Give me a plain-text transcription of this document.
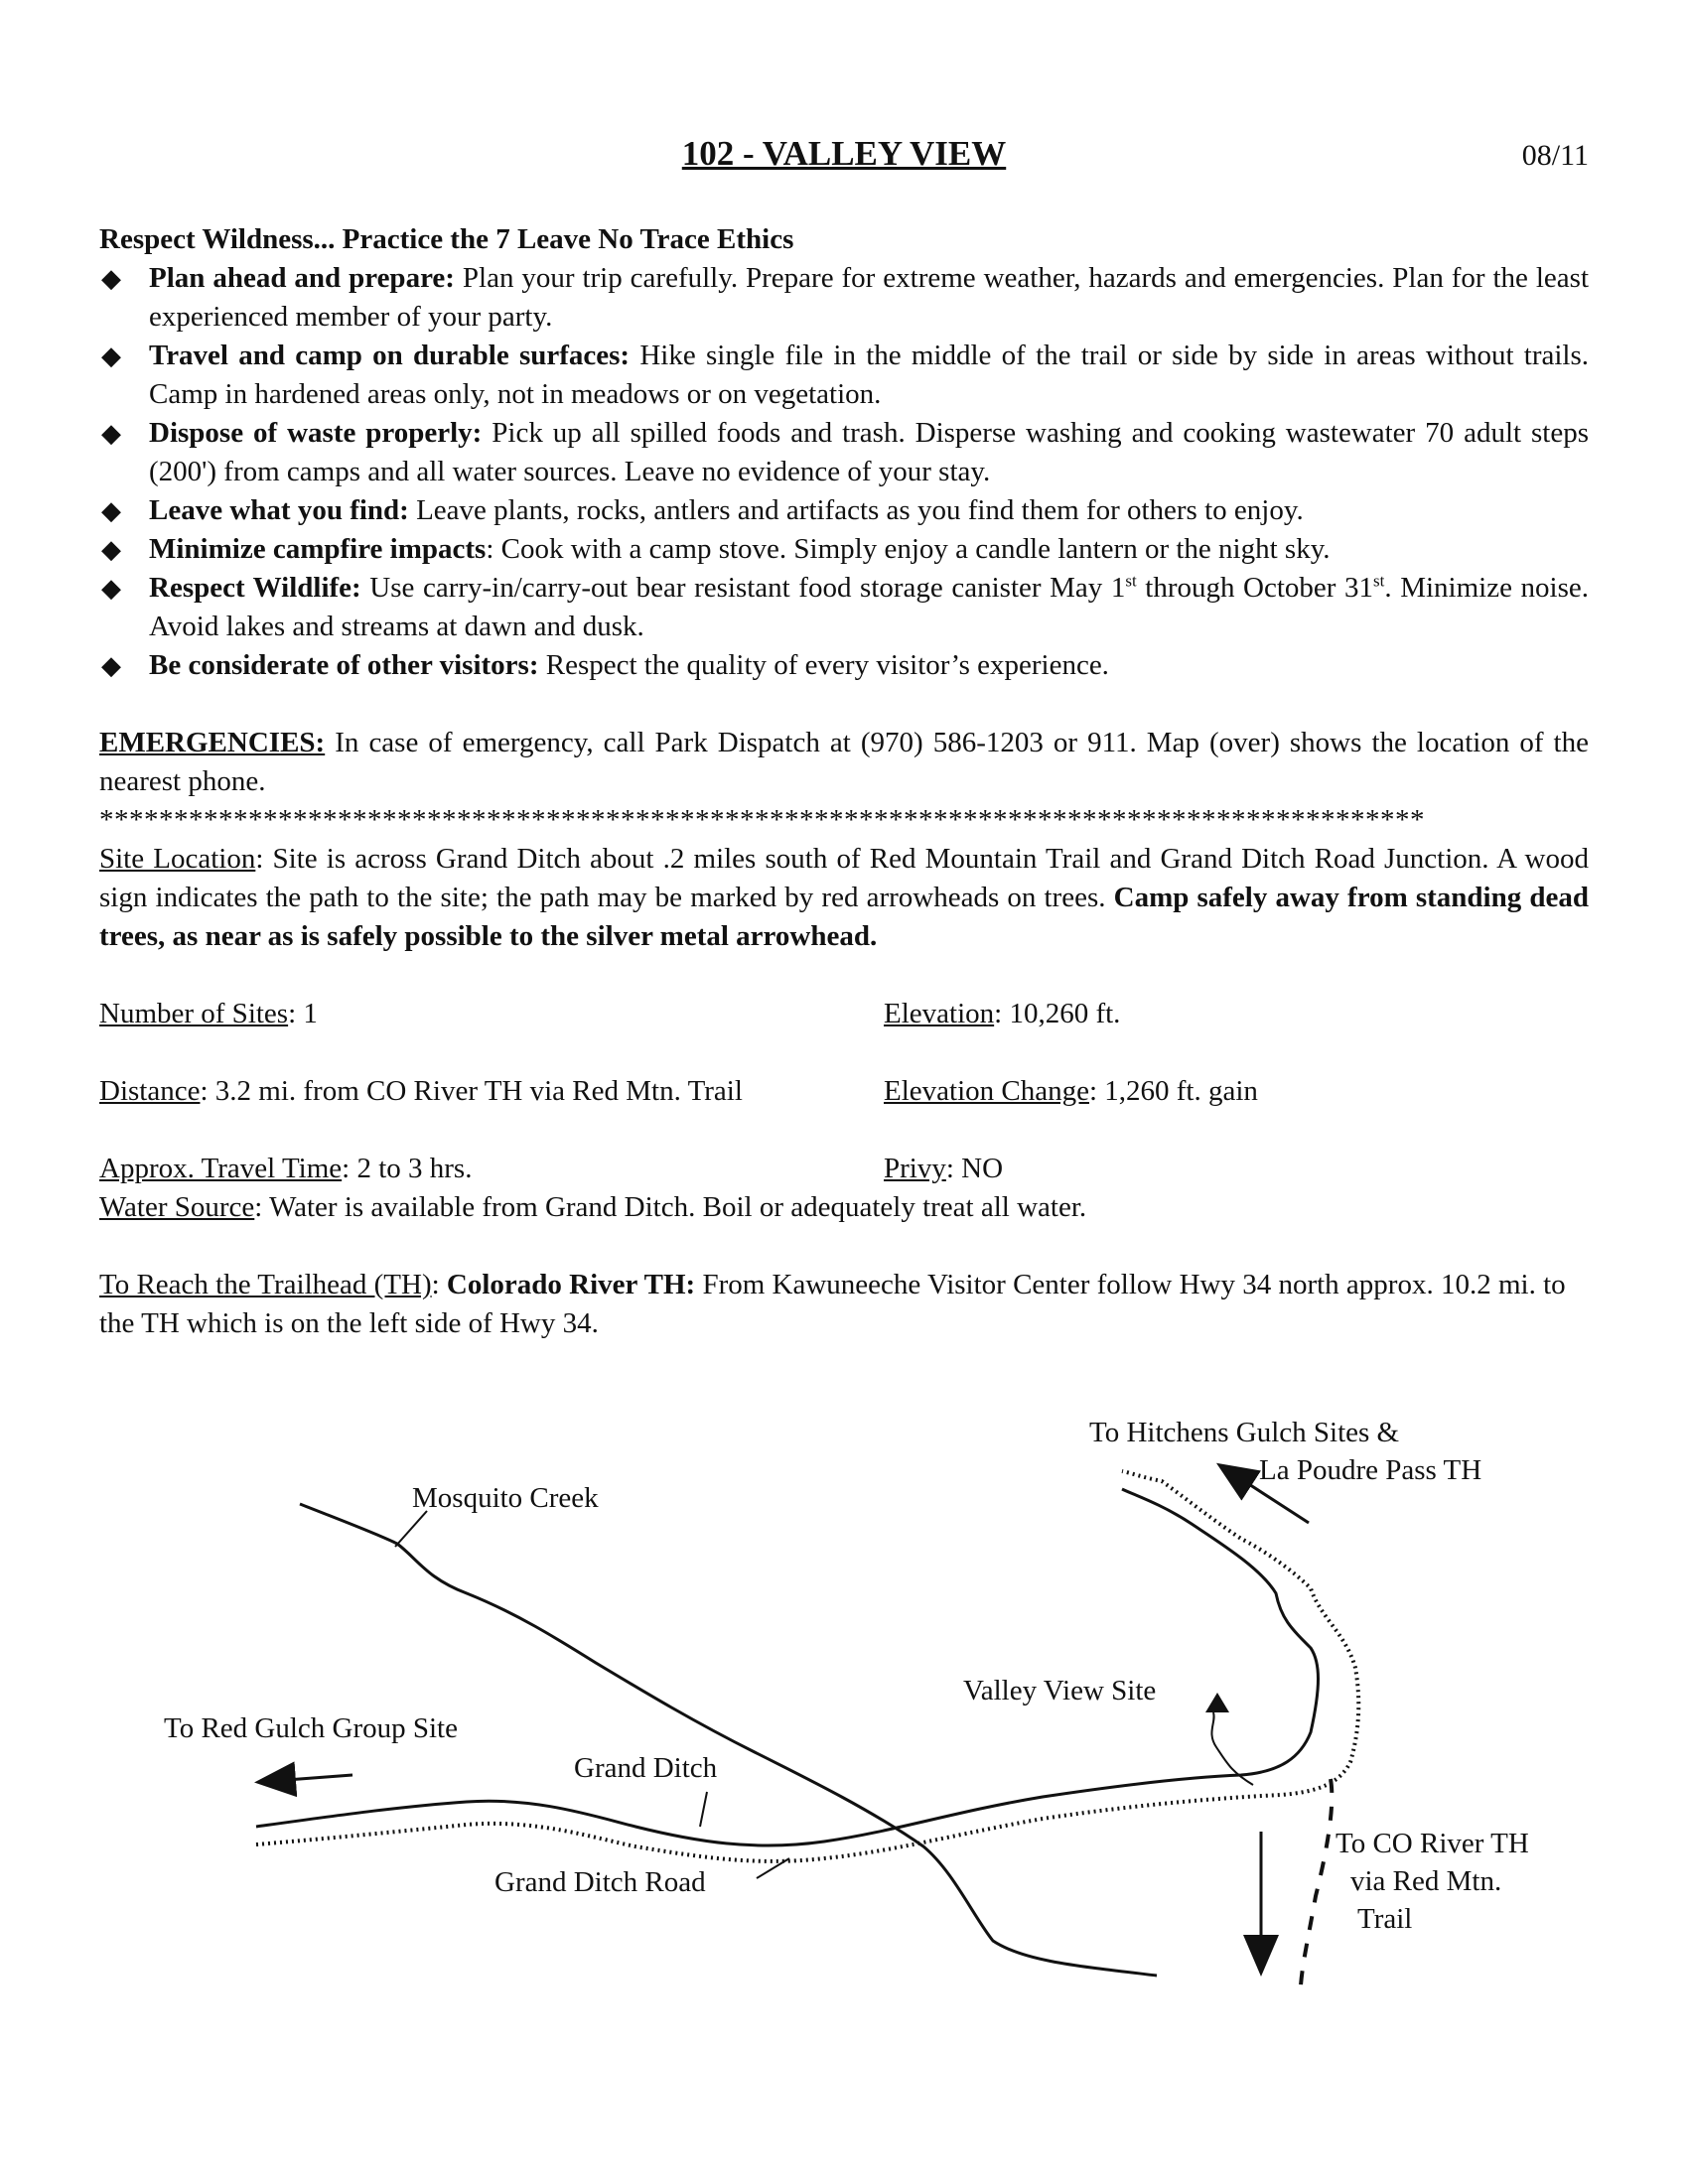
102 - VALLEY VIEW	08/11
Respect Wildness... Practice the 7 Leave No Trace Ethics
◆ Plan ahead and prepare: Plan your trip carefully. Prepare for extreme weather, hazards and emergencies. Plan for the least experienced member of your party.
◆ Travel and camp on durable surfaces: Hike single file in the middle of the trail or side by side in areas without trails. Camp in hardened areas only, not in meadows or on vegetation.
◆ Dispose of waste properly: Pick up all spilled foods and trash. Disperse washing and cooking wastewater 70 adult steps (200') from camps and all water sources. Leave no evidence of your stay.
◆ Leave what you find: Leave plants, rocks, antlers and artifacts as you find them for others to enjoy.
◆ Minimize campfire impacts: Cook with a camp stove. Simply enjoy a candle lantern or the night sky.
◆ Respect Wildlife: Use carry-in/carry-out bear resistant food storage canister May 1st through October 31st. Minimize noise. Avoid lakes and streams at dawn and dusk.
◆ Be considerate of other visitors: Respect the quality of every visitor’s experience.
EMERGENCIES: In case of emergency, call Park Dispatch at (970) 586-1203 or 911. Map (over) shows the location of the nearest phone.
*****************************************************************************************
Site Location: Site is across Grand Ditch about .2 miles south of Red Mountain Trail and Grand Ditch Road Junction. A wood sign indicates the path to the site; the path may be marked by red arrowheads on trees. Camp safely away from standing dead trees, as near as is safely possible to the silver metal arrowhead.
Number of Sites: 1	Elevation: 10,260 ft.
Distance: 3.2 mi. from CO River TH via Red Mtn. Trail	Elevation Change: 1,260 ft. gain
Approx. Travel Time: 2 to 3 hrs.	Privy: NO
Water Source: Water is available from Grand Ditch. Boil or adequately treat all water.
To Reach the Trailhead (TH): Colorado River TH: From Kawuneeche Visitor Center follow Hwy 34 north approx. 10.2 mi. to the TH which is on the left side of Hwy 34.
To Hitchens Gulch Sites &
La Poudre Pass TH
Mosquito Creek
Valley View Site
To Red Gulch Group Site
Grand Ditch
Grand Ditch Road
To CO River TH
via Red Mtn.
Trail
